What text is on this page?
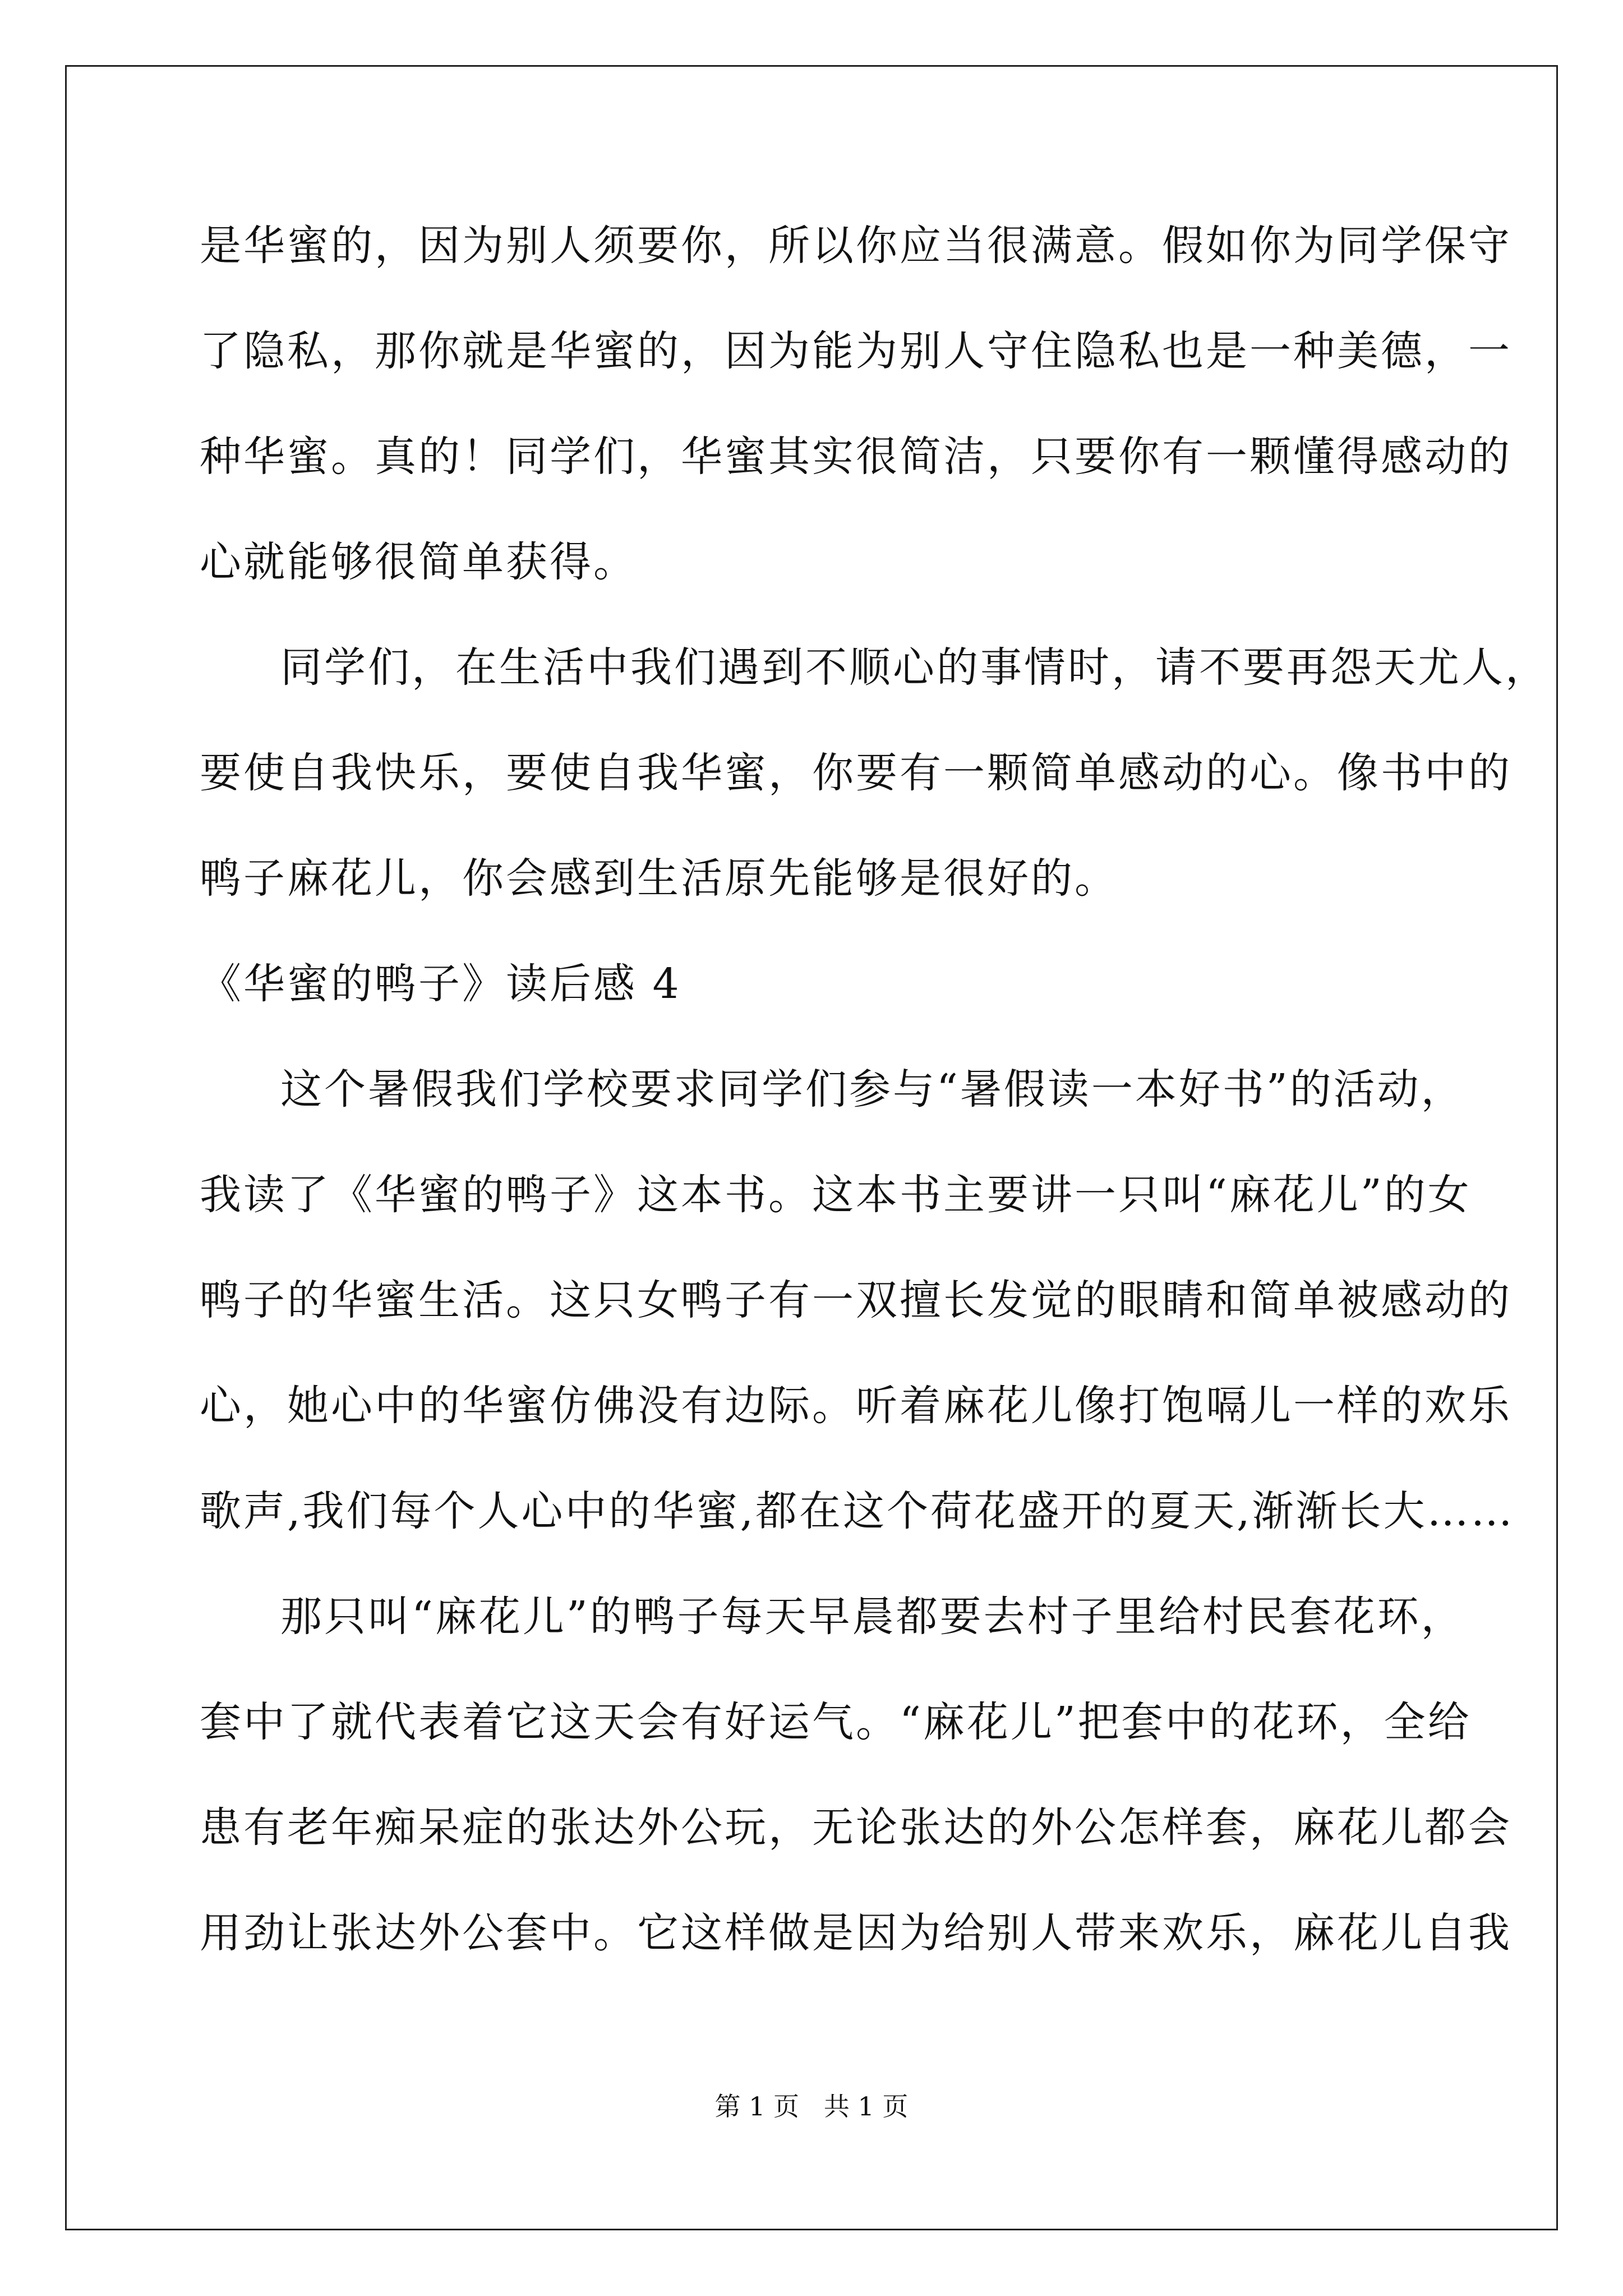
是华蜜的，因为别人须要你，所以你应当很满意。假如你为同学保守
了隐私，那你就是华蜜的，因为能为别人守住隐私也是一种美德，一
种华蜜。真的！同学们，华蜜其实很简洁，只要你有一颗懂得感动的
心就能够很简单获得。
同学们，在生活中我们遇到不顺心的事情时，请不要再怨天尤人，
要使自我快乐，要使自我华蜜，你要有一颗简单感动的心。像书中的
鸭子麻花儿，你会感到生活原先能够是很好的。
《华蜜的鸭子》读后感 4
这个暑假我们学校要求同学们参与“暑假读一本好书”的活动，
我读了《华蜜的鸭子》这本书。这本书主要讲一只叫“麻花儿”的女
鸭子的华蜜生活。这只女鸭子有一双擅长发觉的眼睛和简单被感动的
心，她心中的华蜜仿佛没有边际。听着麻花儿像打饱嗝儿一样的欢乐
歌声,我们每个人心中的华蜜,都在这个荷花盛开的夏天,渐渐长大……
那只叫“麻花儿”的鸭子每天早晨都要去村子里给村民套花环，
套中了就代表着它这天会有好运气。“麻花儿”把套中的花环，全给
患有老年痴呆症的张达外公玩，无论张达的外公怎样套，麻花儿都会
用劲让张达外公套中。它这样做是因为给别人带来欢乐，麻花儿自我
第 1 页   共 1 页
